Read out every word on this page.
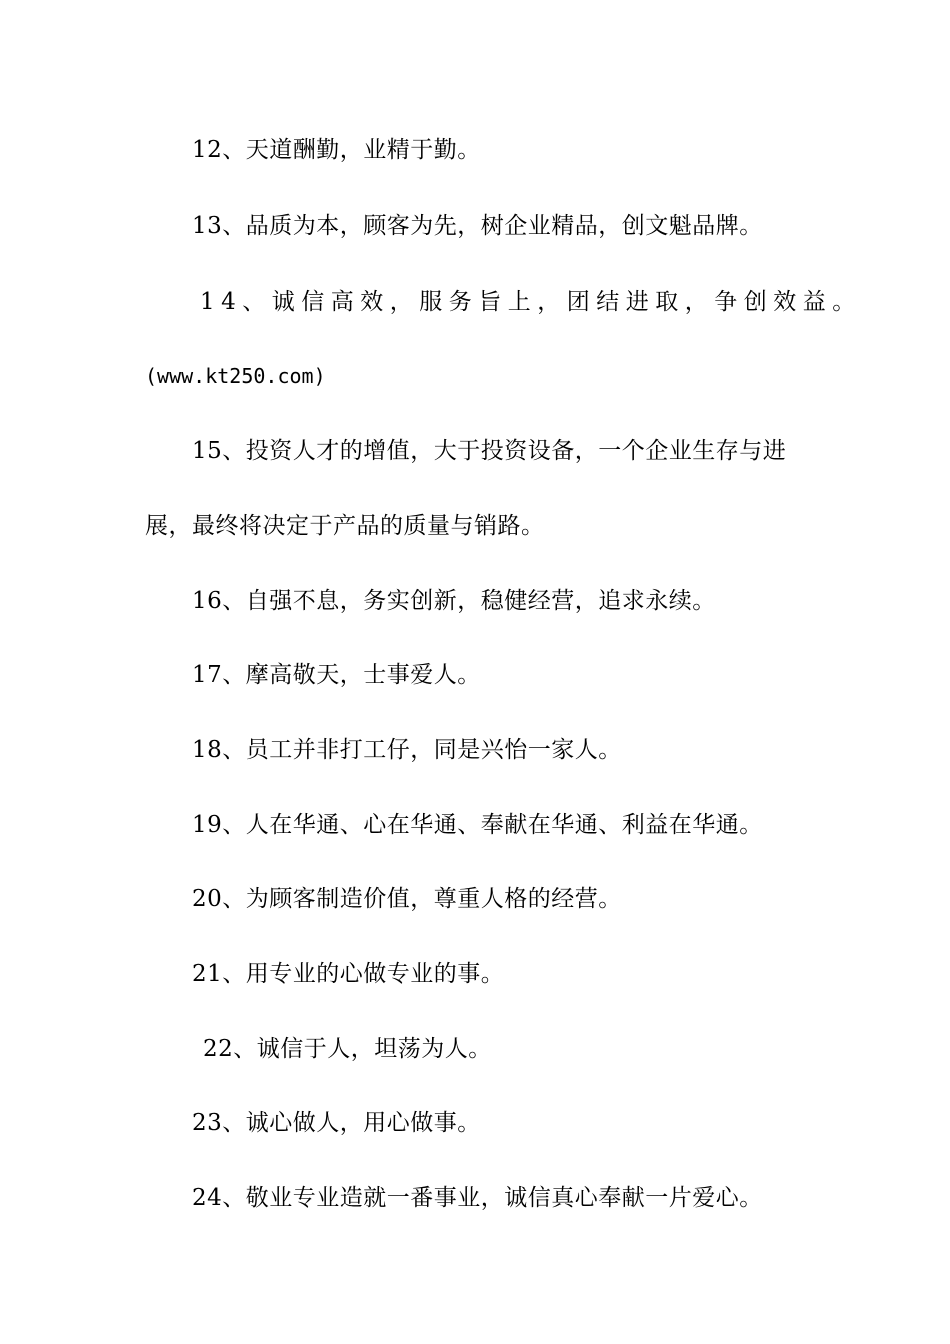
12、天道酬勤，业精于勤。
13、品质为本，顾客为先，树企业精品，创文魁品牌。
14、诚信高效，服务旨上，团结进取，争创效益。
(www.kt250.com)
15、投资人才的增值，大于投资设备，一个企业生存与进
展，最终将决定于产品的质量与销路。
16、自强不息，务实创新，稳健经营，追求永续。
17、摩高敬天，士事爱人。
18、员工并非打工仔，同是兴怡一家人。
19、人在华通、心在华通、奉献在华通、利益在华通。
20、为顾客制造价值，尊重人格的经营。
21、用专业的心做专业的事。
22、诚信于人，坦荡为人。
23、诚心做人，用心做事。
24、敬业专业造就一番事业，诚信真心奉献一片爱心。
